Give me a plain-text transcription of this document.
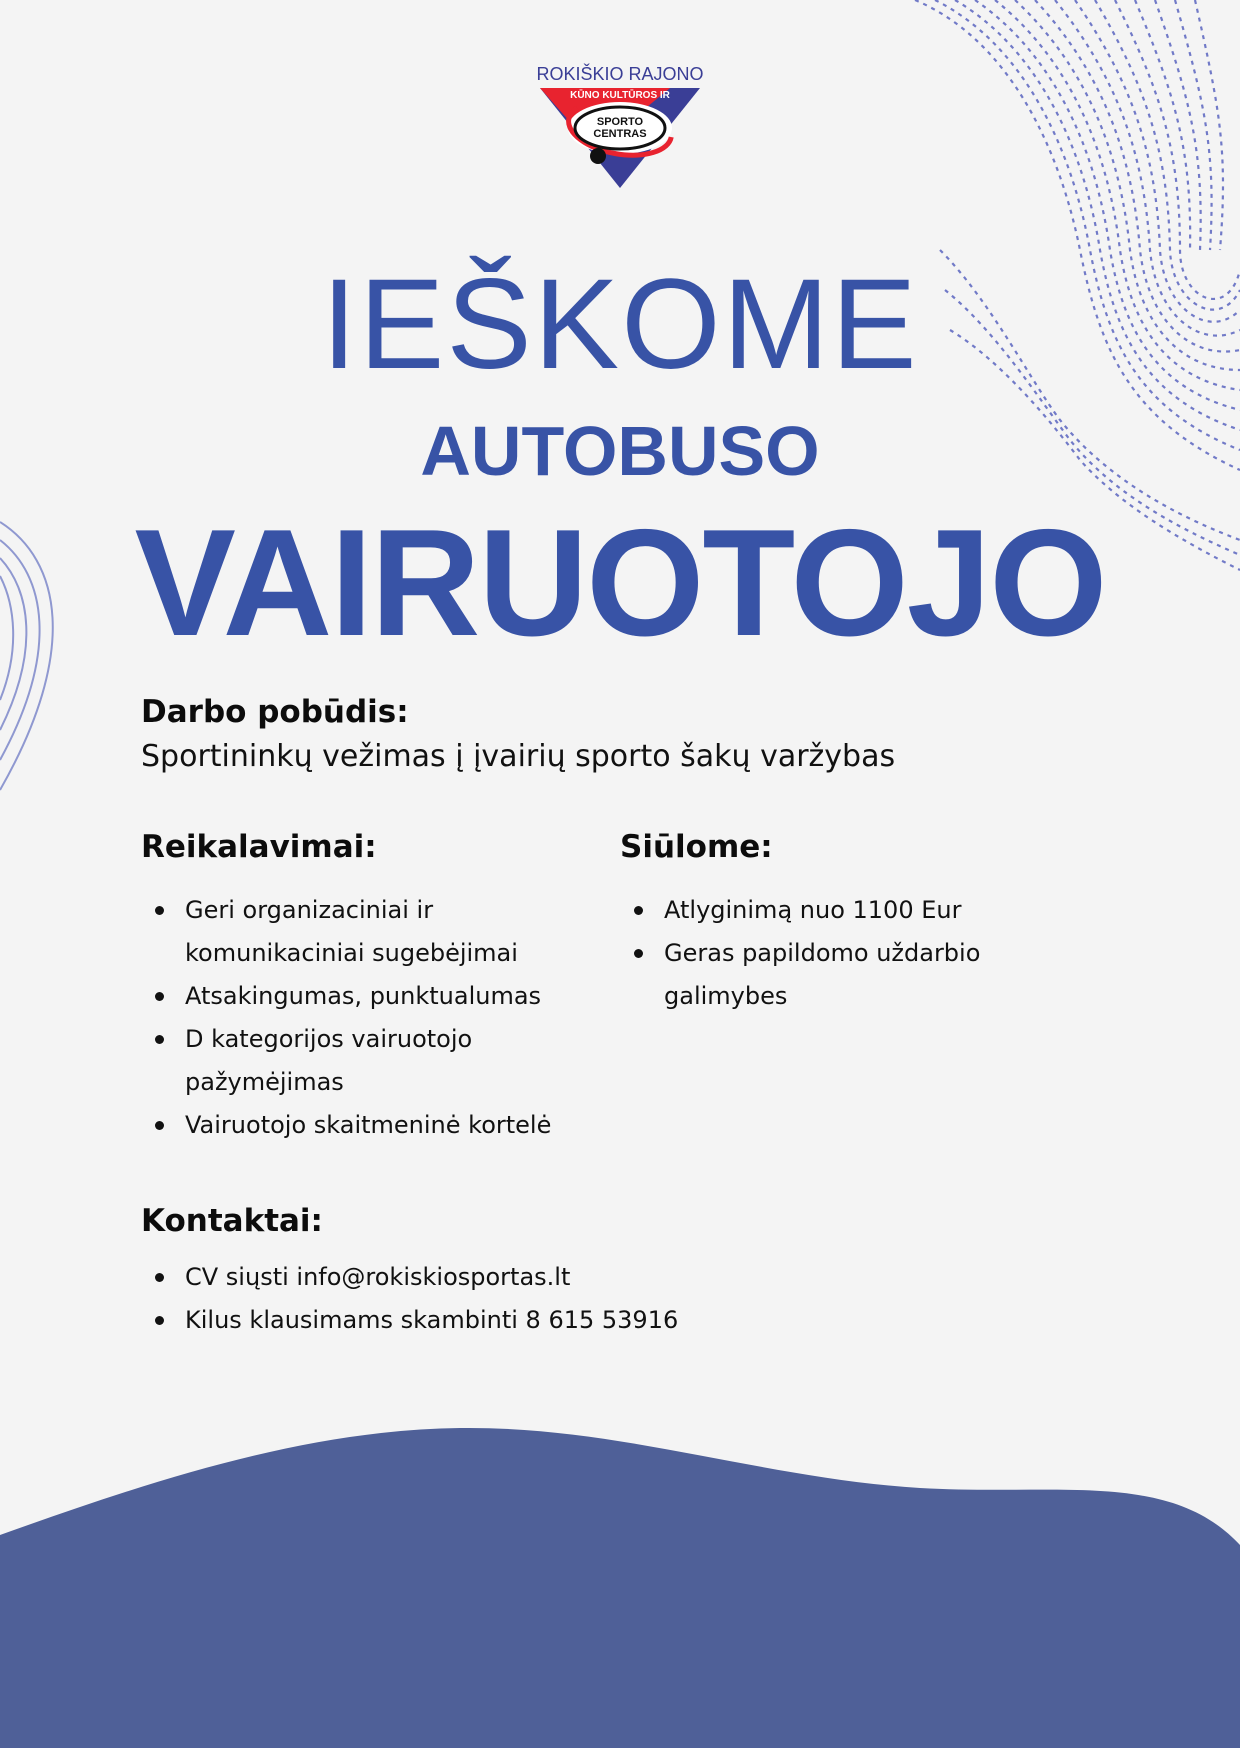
ROKIŠKIO RAJONO
KŪNO KULTŪROS IR
SPORTO
CENTRAS
IEŠKOME
AUTOBUSO
VAIRUOTOJO
Darbo pobūdis:
Sportininkų vežimas į įvairių sporto šakų varžybas
Reikalavimai:
Geri organizaciniai ir komunikaciniai sugebėjimai
Atsakingumas, punktualumas
D kategorijos vairuotojo pažymėjimas
Vairuotojo skaitmeninė kortelė
Siūlome:
Atlyginimą nuo 1100 Eur
Geras papildomo uždarbio galimybes
Kontaktai:
CV siųsti info@rokiskiosportas.lt
Kilus klausimams skambinti 8 615 53916
